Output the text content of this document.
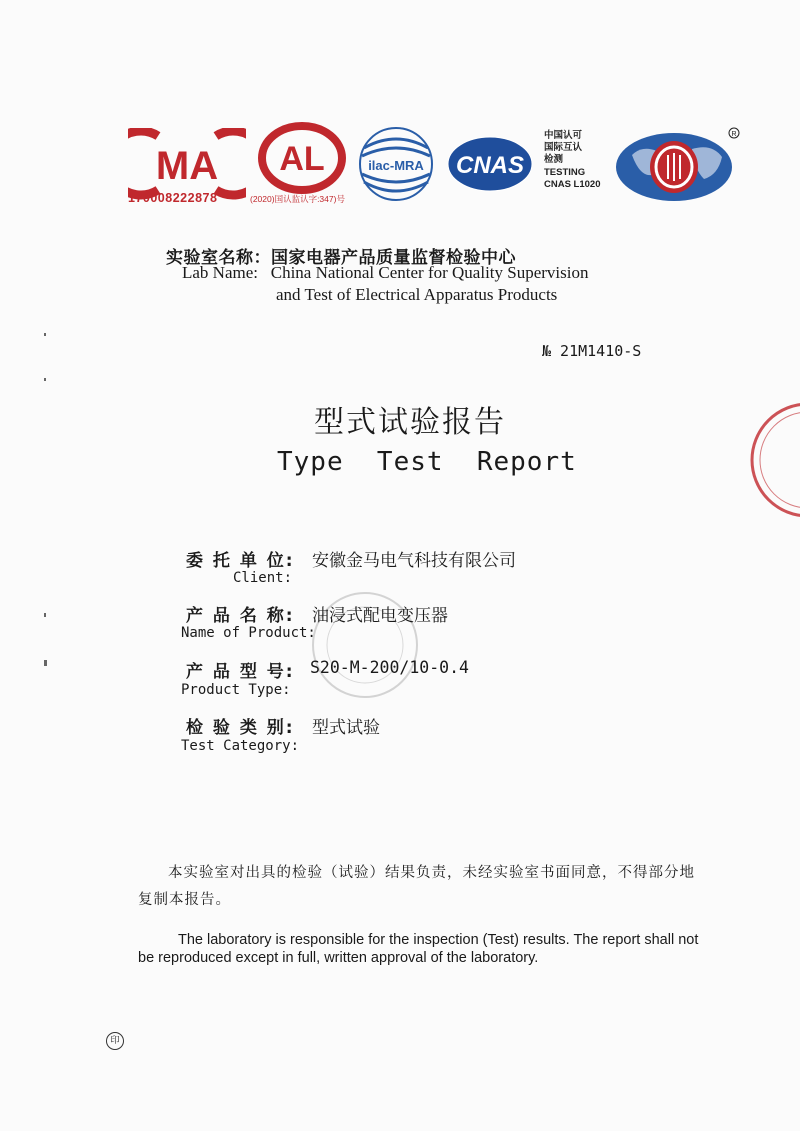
MA
170008222878
AL
(2020)国认监认字:347)号
ilac-MRA CNAS
中国认可
国际互认
检测
TESTING
CNAS L1020
R
实验室名称：国家电器产品质量监督检验中心
Lab Name:   China National Center for Quality Supervision
and Test of Electrical Apparatus Products
№ 21M1410-S
型式试验报告
Type  Test  Report
委 托 单 位: 安徽金马电气科技有限公司
Client:
产 品 名 称: 油浸式配电变压器
Name of Product:
产 品 型 号: S20-M-200/10-0.4
Product Type:
检 验 类 别: 型式试验
Test Category:
本实验室对出具的检验（试验）结果负责，未经实验室书面同意，不得部分地复制本报告。
The laboratory is responsible for the inspection (Test) results. The report shall not be reproduced except in full, written approval of the laboratory.
印
